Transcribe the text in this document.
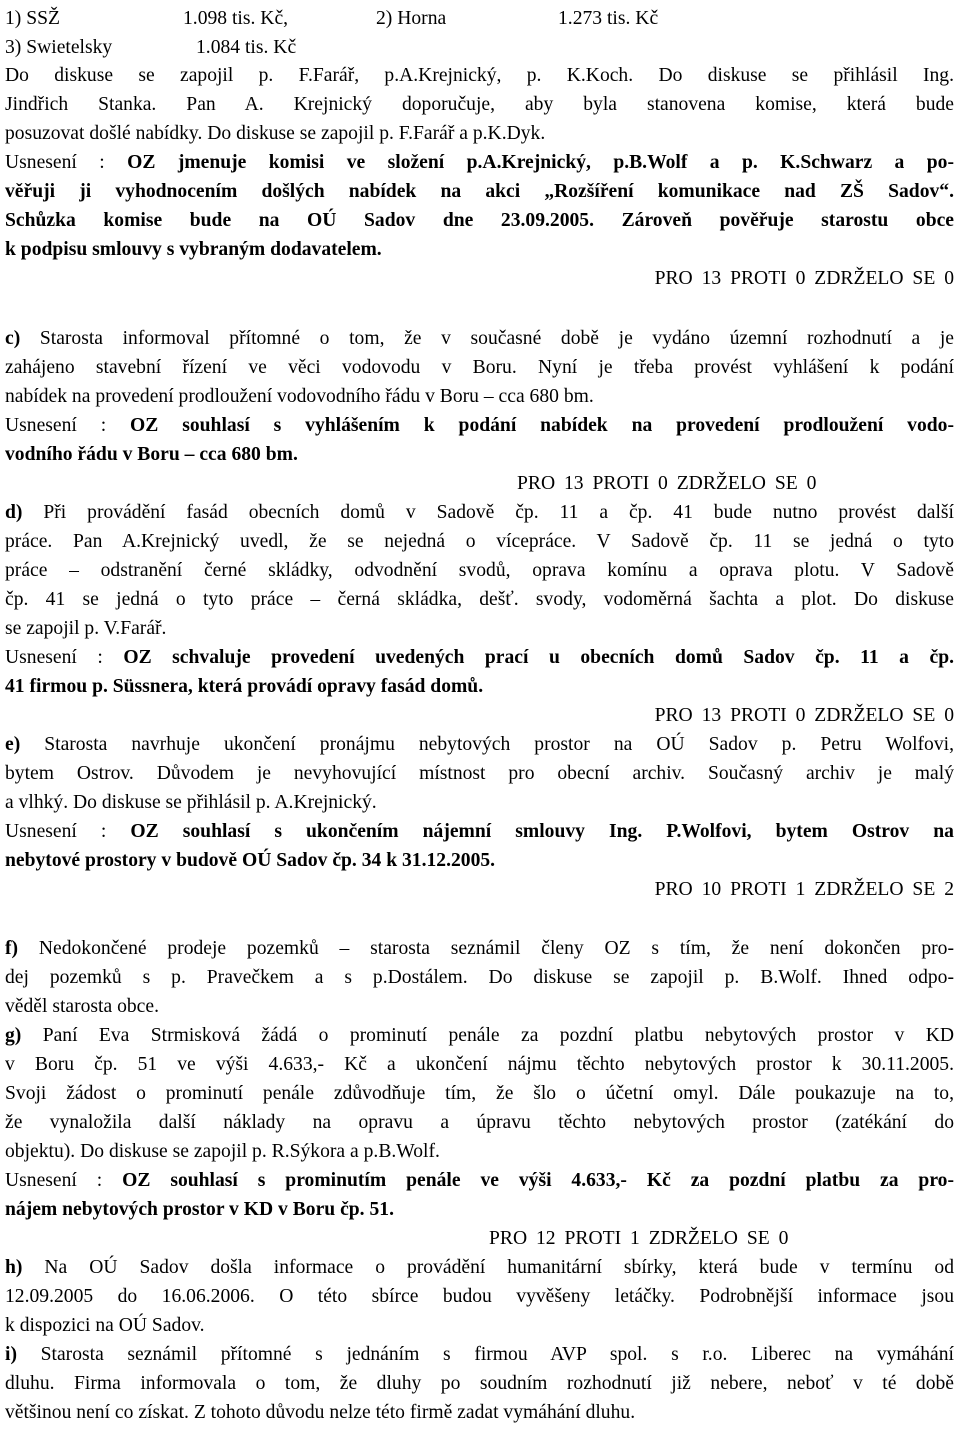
1) SSŽ	1.098 tis. Kč,	2) Horna	1.273 tis. Kč
3) Swietelsky	1.084 tis. Kč
Do diskuse se zapojil p. F.Farář, p.A.Krejnický, p. K.Koch. Do diskuse se přihlásil Ing.
Jindřich Stanka. Pan A. Krejnický doporučuje, aby byla stanovena komise, která bude
posuzovat došlé nabídky. Do diskuse se zapojil p. F.Farář a p.K.Dyk.
Usnesení : OZ jmenuje komisi ve složení p.A.Krejnický, p.B.Wolf a p. K.Schwarz a po-
věřuji ji vyhodnocením došlých nabídek na akci „Rozšíření komunikace nad ZŠ Sadov“.
Schůzka komise bude na OÚ Sadov dne 23.09.2005. Zároveň pověřuje starostu obce
k podpisu smlouvy s vybraným dodavatelem.
PRO 13 PROTI 0 ZDRŽELO SE 0
c) Starosta informoval přítomné o tom, že v současné době je vydáno územní rozhodnutí a je
zahájeno stavební řízení ve věci vodovodu v Boru. Nyní je třeba provést vyhlášení k podání
nabídek na provedení prodloužení vodovodního řádu v Boru – cca 680 bm.
Usnesení : OZ souhlasí s vyhlášením k podání nabídek na provedení prodloužení vodo-
vodního řádu v Boru – cca 680 bm.
PRO 13 PROTI 0 ZDRŽELO SE 0
d) Při provádění fasád obecních domů v Sadově čp. 11 a čp. 41 bude nutno provést další
práce. Pan A.Krejnický uvedl, že se nejedná o vícepráce. V Sadově čp. 11 se jedná o tyto
práce – odstranění černé skládky, odvodnění svodů, oprava komínu a oprava plotu. V Sadově
čp. 41 se jedná o tyto práce – černá skládka, dešť. svody, vodoměrná šachta a plot. Do diskuse
se zapojil p. V.Farář.
Usnesení : OZ schvaluje provedení uvedených prací u obecních domů Sadov čp. 11 a čp.
41 firmou p. Süssnera, která provádí opravy fasád domů.
PRO 13 PROTI 0 ZDRŽELO SE 0
e) Starosta navrhuje ukončení pronájmu nebytových prostor na OÚ Sadov p. Petru Wolfovi,
bytem Ostrov. Důvodem je nevyhovující místnost pro obecní archiv. Současný archiv je malý
a vlhký. Do diskuse se přihlásil p. A.Krejnický.
Usnesení : OZ souhlasí s ukončením nájemní smlouvy Ing. P.Wolfovi, bytem Ostrov na
nebytové prostory v budově OÚ Sadov čp. 34 k 31.12.2005.
PRO 10 PROTI 1 ZDRŽELO SE 2
f) Nedokončené prodeje pozemků – starosta seznámil členy OZ s tím, že není dokončen pro-
dej pozemků s p. Pravečkem a s p.Dostálem. Do diskuse se zapojil p. B.Wolf. Ihned odpo-
věděl starosta obce.
g) Paní Eva Strmisková žádá o prominutí penále za pozdní platbu nebytových prostor v KD
v Boru čp. 51 ve výši 4.633,- Kč a ukončení nájmu těchto nebytových prostor k 30.11.2005.
Svoji žádost o prominutí penále zdůvodňuje tím, že šlo o účetní omyl. Dále poukazuje na to,
že vynaložila další náklady na opravu a úpravu těchto nebytových prostor (zatékání do
objektu). Do diskuse se zapojil p. R.Sýkora a p.B.Wolf.
Usnesení : OZ souhlasí s prominutím penále ve výši 4.633,- Kč za pozdní platbu za pro-
nájem nebytových prostor v KD v Boru čp. 51.
PRO 12 PROTI 1 ZDRŽELO SE 0
h) Na OÚ Sadov došla informace o provádění humanitární sbírky, která bude v termínu od
12.09.2005 do 16.06.2006. O této sbírce budou vyvěšeny letáčky. Podrobnější informace jsou
k dispozici na OÚ Sadov.
i) Starosta seznámil přítomné s jednáním s firmou AVP spol. s r.o. Liberec na vymáhání
dluhu. Firma informovala o tom, že dluhy po soudním rozhodnutí již nebere, neboť v té době
většinou není co získat. Z tohoto důvodu nelze této firmě zadat vymáhání dluhu.
